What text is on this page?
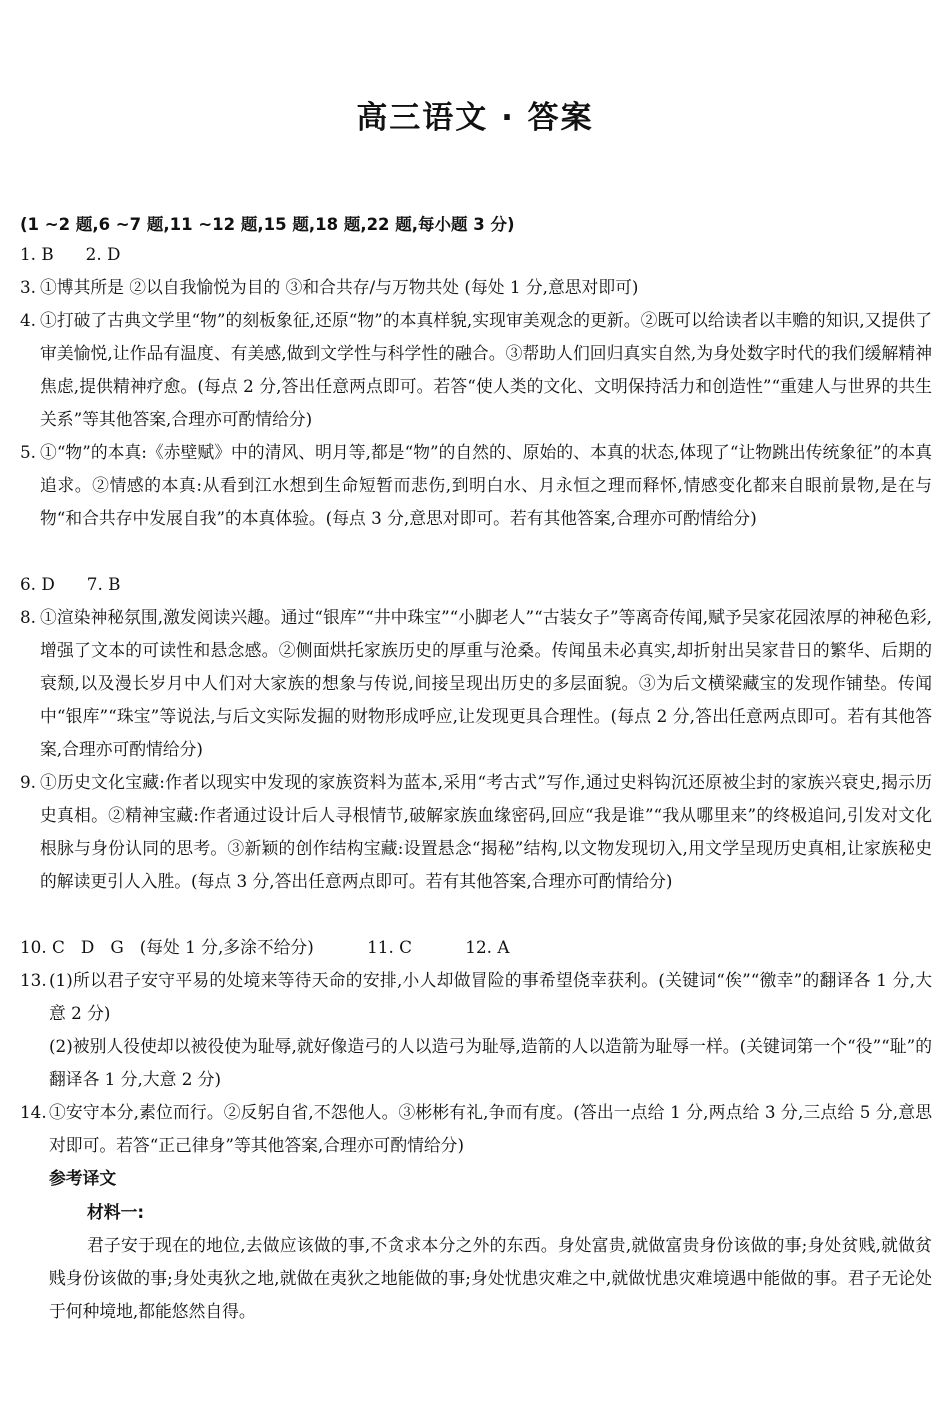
高三语文 · 答案
(1 ~2 题,6 ~7 题,11 ~12 题,15 题,18 题,22 题,每小题 3 分)
1. B      2. D
3. ①博其所是 ②以自我愉悦为目的 ③和合共存/与万物共处 (每处 1 分,意思对即可)
4. ①打破了古典文学里“物”的刻板象征,还原“物”的本真样貌,实现审美观念的更新。②既可以给读者以丰赡的知识,又提供了审美愉悦,让作品有温度、有美感,做到文学性与科学性的融合。③帮助人们回归真实自然,为身处数字时代的我们缓解精神焦虑,提供精神疗愈。(每点 2 分,答出任意两点即可。若答“使人类的文化、文明保持活力和创造性”“重建人与世界的共生关系”等其他答案,合理亦可酌情给分)
5. ①“物”的本真:《赤壁赋》中的清风、明月等,都是“物”的自然的、原始的、本真的状态,体现了“让物跳出传统象征”的本真追求。②情感的本真:从看到江水想到生命短暂而悲伤,到明白水、月永恒之理而释怀,情感变化都来自眼前景物,是在与物“和合共存中发展自我”的本真体验。(每点 3 分,意思对即可。若有其他答案,合理亦可酌情给分)
6. D      7. B
8. ①渲染神秘氛围,激发阅读兴趣。通过“银库”“井中珠宝”“小脚老人”“古装女子”等离奇传闻,赋予吴家花园浓厚的神秘色彩,增强了文本的可读性和悬念感。②侧面烘托家族历史的厚重与沧桑。传闻虽未必真实,却折射出吴家昔日的繁华、后期的衰颓,以及漫长岁月中人们对大家族的想象与传说,间接呈现出历史的多层面貌。③为后文横梁藏宝的发现作铺垫。传闻中“银库”“珠宝”等说法,与后文实际发掘的财物形成呼应,让发现更具合理性。(每点 2 分,答出任意两点即可。若有其他答案,合理亦可酌情给分)
9. ①历史文化宝藏:作者以现实中发现的家族资料为蓝本,采用“考古式”写作,通过史料钩沉还原被尘封的家族兴衰史,揭示历史真相。②精神宝藏:作者通过设计后人寻根情节,破解家族血缘密码,回应“我是谁”“我从哪里来”的终极追问,引发对文化根脉与身份认同的思考。③新颖的创作结构宝藏:设置悬念“揭秘”结构,以文物发现切入,用文学呈现历史真相,让家族秘史的解读更引人入胜。(每点 3 分,答出任意两点即可。若有其他答案,合理亦可酌情给分)
10. C   D   G   (每处 1 分,多涂不给分)          11. C          12. A
13. (1)所以君子安守平易的处境来等待天命的安排,小人却做冒险的事希望侥幸获利。(关键词“俟”“徼幸”的翻译各 1 分,大意 2 分)
(2)被别人役使却以被役使为耻辱,就好像造弓的人以造弓为耻辱,造箭的人以造箭为耻辱一样。(关键词第一个“役”“耻”的翻译各 1 分,大意 2 分)
14. ①安守本分,素位而行。②反躬自省,不怨他人。③彬彬有礼,争而有度。(答出一点给 1 分,两点给 3 分,三点给 5 分,意思对即可。若答“正己律身”等其他答案,合理亦可酌情给分)
参考译文
材料一:
君子安于现在的地位,去做应该做的事,不贪求本分之外的东西。身处富贵,就做富贵身份该做的事;身处贫贱,就做贫贱身份该做的事;身处夷狄之地,就做在夷狄之地能做的事;身处忧患灾难之中,就做忧患灾难境遇中能做的事。君子无论处于何种境地,都能悠然自得。
